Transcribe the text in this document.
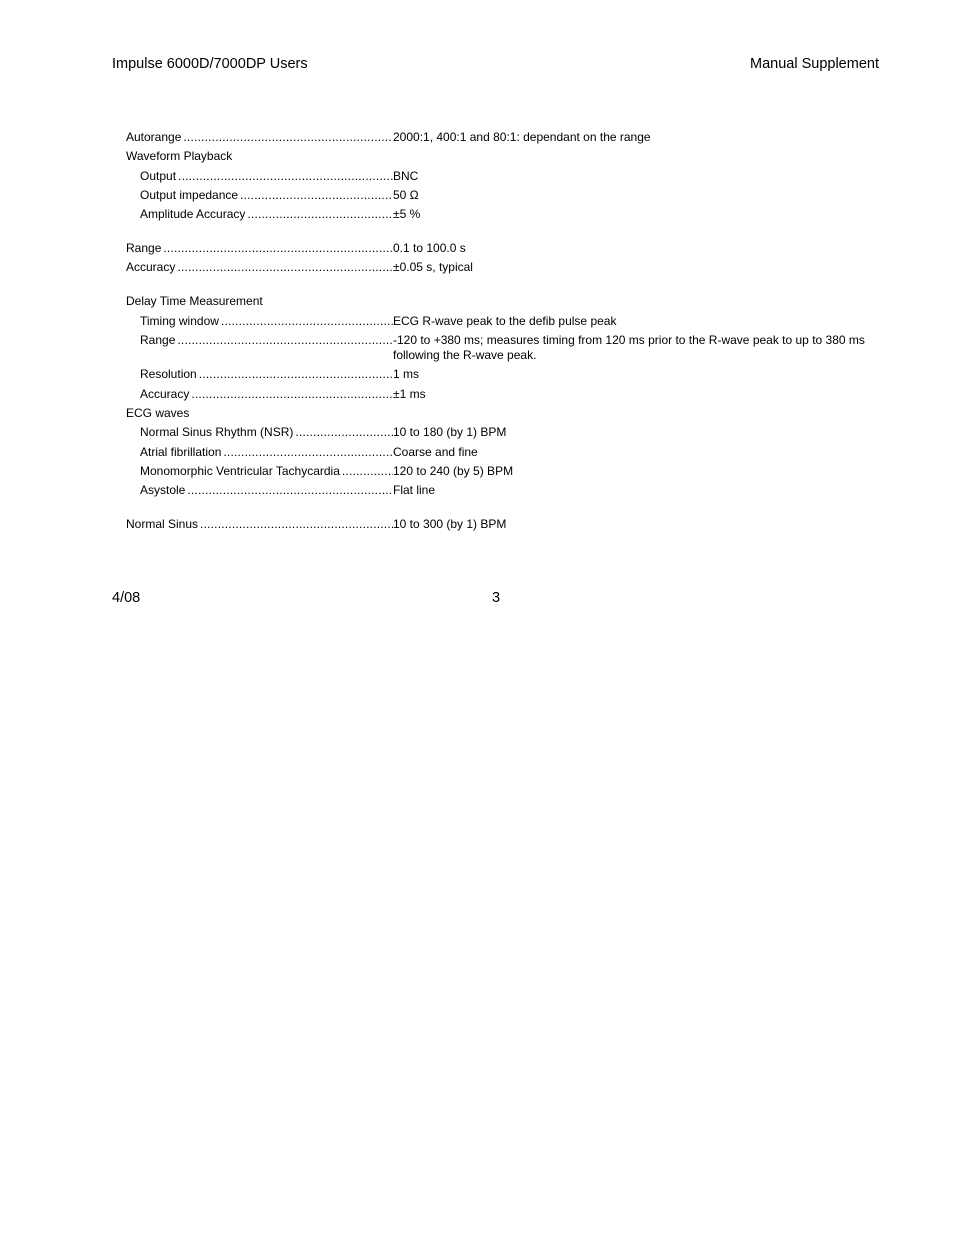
Impulse 6000D/7000DP Users	Manual Supplement
Autorange .....	2000:1, 400:1 and 80:1: dependant on the range
Waveform Playback
Output .....	BNC
Output impedance .....	50 Ω
Amplitude Accuracy .....	±5 %
Range .....	0.1 to 100.0 s
Accuracy .....	±0.05 s, typical
Delay Time Measurement
Timing window .....	ECG R-wave peak to the defib pulse peak
Range .....	-120 to +380 ms; measures timing from 120 ms prior to the R-wave peak to up to 380 ms following the R-wave peak.
Resolution .....	1 ms
Accuracy .....	±1 ms
ECG waves
Normal Sinus Rhythm (NSR) .....	10 to 180 (by 1) BPM
Atrial fibrillation .....	Coarse and fine
Monomorphic Ventricular Tachycardia .....	120 to 240 (by 5) BPM
Asystole .....	Flat line
Normal Sinus .....	10 to 300 (by 1) BPM
4/08	3
